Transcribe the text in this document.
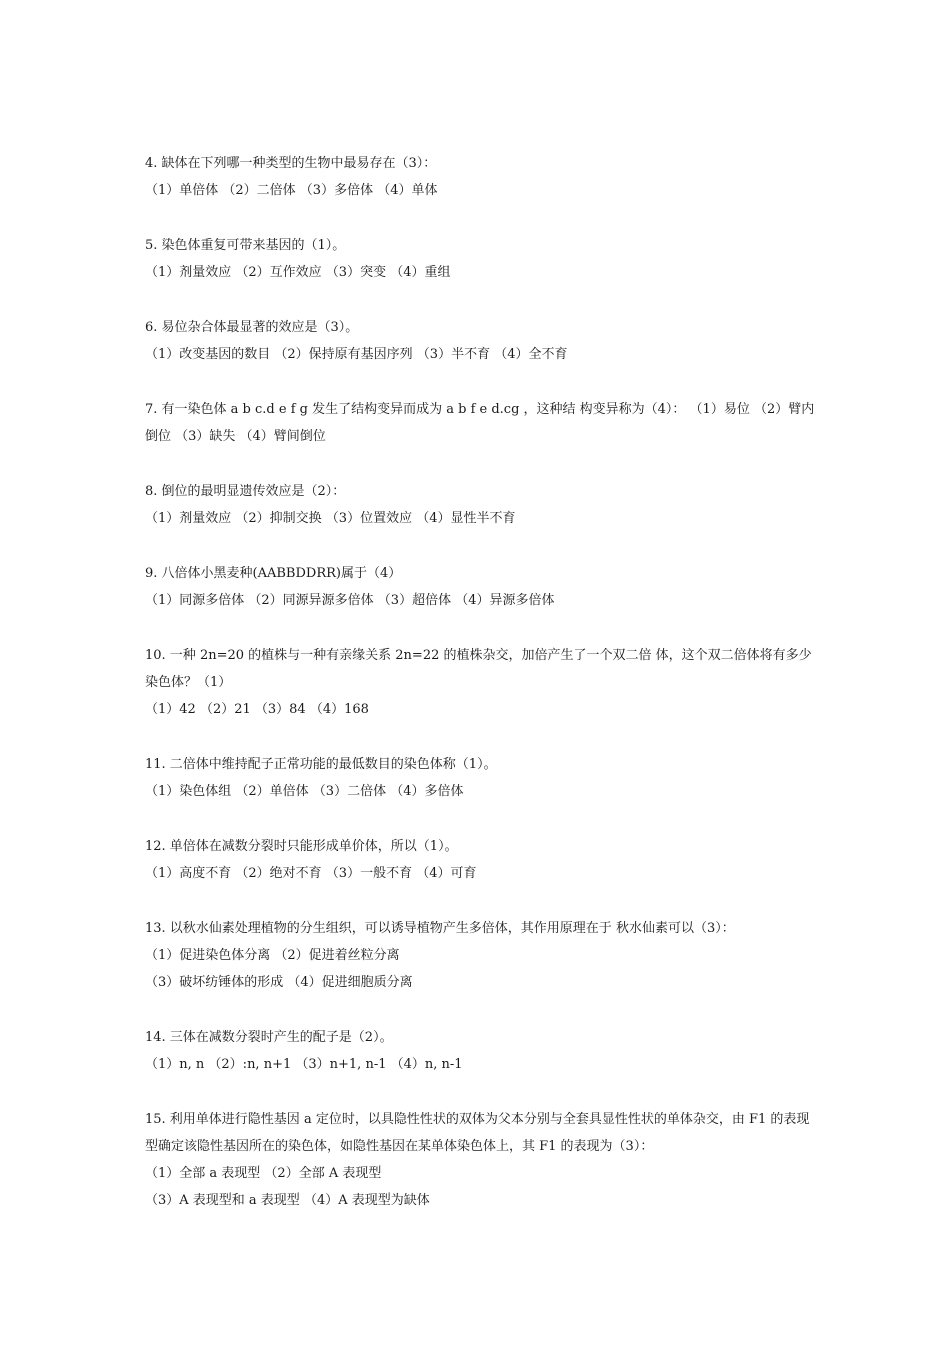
4. 缺体在下列哪一种类型的生物中最易存在（3）：

（1）单倍体 （2）二倍体 （3）多倍体 （4）单体

5. 染色体重复可带来基因的（1）。

（1）剂量效应 （2）互作效应 （3）突变 （4）重组

6. 易位杂合体最显著的效应是（3）。

（1）改变基因的数目 （2）保持原有基因序列 （3）半不育 （4）全不育

7. 有一染色体 a b c.d e f g 发生了结构变异而成为 a b f e d.cg ，这种结 构变异称为（4）： （1）易位 （2）臂内倒位 （3）缺失 （4）臂间倒位

8. 倒位的最明显遗传效应是（2）：

（1）剂量效应 （2）抑制交换 （3）位置效应 （4）显性半不育

9. 八倍体小黑麦种(AABBDDRR)属于（4）

（1）同源多倍体 （2）同源异源多倍体 （3）超倍体 （4）异源多倍体

10. 一种 2n=20 的植株与一种有亲缘关系 2n=22 的植株杂交，加倍产生了一个双二倍 体，这个双二倍体将有多少染色体？（1）

（1）42 （2）21 （3）84 （4）168

11. 二倍体中维持配子正常功能的最低数目的染色体称（1）。

（1）染色体组 （2）单倍体 （3）二倍体 （4）多倍体

12. 单倍体在减数分裂时只能形成单价体，所以（1）。

（1）高度不育 （2）绝对不育 （3）一般不育 （4）可育

13. 以秋水仙素处理植物的分生组织，可以诱导植物产生多倍体，其作用原理在于 秋水仙素可以（3）：

（1）促进染色体分离 （2）促进着丝粒分离

（3）破坏纺锤体的形成 （4）促进细胞质分离

14. 三体在减数分裂时产生的配子是（2）。

（1）n, n （2）:n, n+1 （3）n+1, n-1 （4）n, n-1

15. 利用单体进行隐性基因 a 定位时，以具隐性性状的双体为父本分别与全套具显性性状的单体杂交，由 F1 的表现型确定该隐性基因所在的染色体，如隐性基因在某单体染色体上，其 F1 的表现为（3）：

（1）全部 a 表现型 （2）全部 A 表现型

（3）A 表现型和 a 表现型 （4）A 表现型为缺体
